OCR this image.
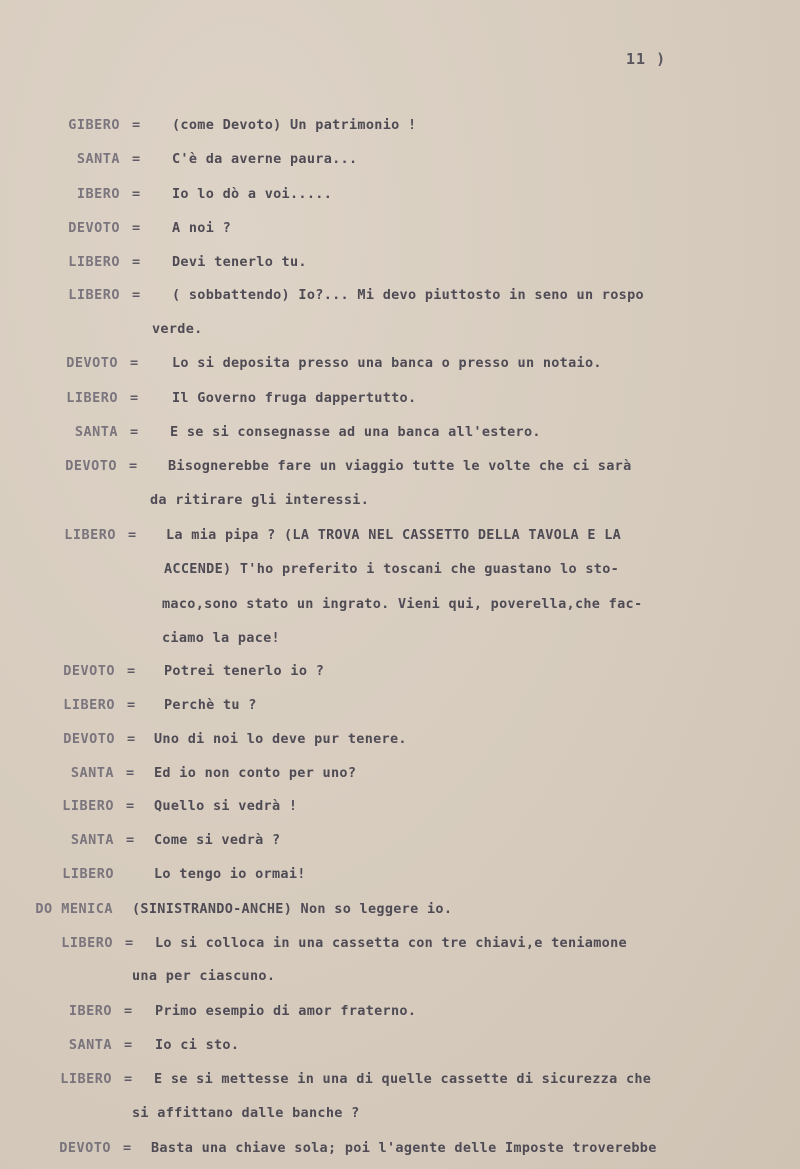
11 )
GIBERO = (come Devoto) Un patrimonio !
SANTA = C'è da averne paura...
IBERO = Io lo dò a voi.....
DEVOTO = A noi ?
LIBERO = Devi tenerlo tu.
LIBERO = ( sobbattendo) Io?... Mi devo piuttosto in seno un rospo
verde.
DEVOTO =	Lo si deposita presso una banca o presso un notaio.
LIBERO =	Il Governo fruga dappertutto.
SANTA = E se si consegnasse ad una banca all'estero.
DEVOTO = Bisognerebbe fare un viaggio tutte le volte che ci sarà
da ritirare gli interessi.
LIBERO = La mia pipa ? (LA TROVA NEL CASSETTO DELLA TAVOLA E LA
ACCENDE) T'ho preferito i toscani che guastano lo sto-
maco,sono stato un ingrato. Vieni qui, poverella,che fac-
ciamo la pace!
DEVOTO = Potrei tenerlo io ?
LIBERO = Perchè tu ?
DEVOTO = Uno di noi lo deve pur tenere.
SANTA = Ed io non conto per uno?
LIBERO = Quello si vedrà !
SANTA = Come si vedrà ?
LIBERO	Lo tengo io ormai!
DO MENICA (SINISTRANDO-ANCHE) Non so leggere io.
LIBERO = Lo si colloca in una cassetta con tre chiavi,e teniamone
una per ciascuno.
IBERO = Primo esempio di amor fraterno.
SANTA = Io ci sto.
LIBERO = E se si mettesse in una di quelle cassette di sicurezza che
si affittano dalle banche ?
DEVOTO = Basta una chiave sola; poi l'agente delle Imposte troverebbe
